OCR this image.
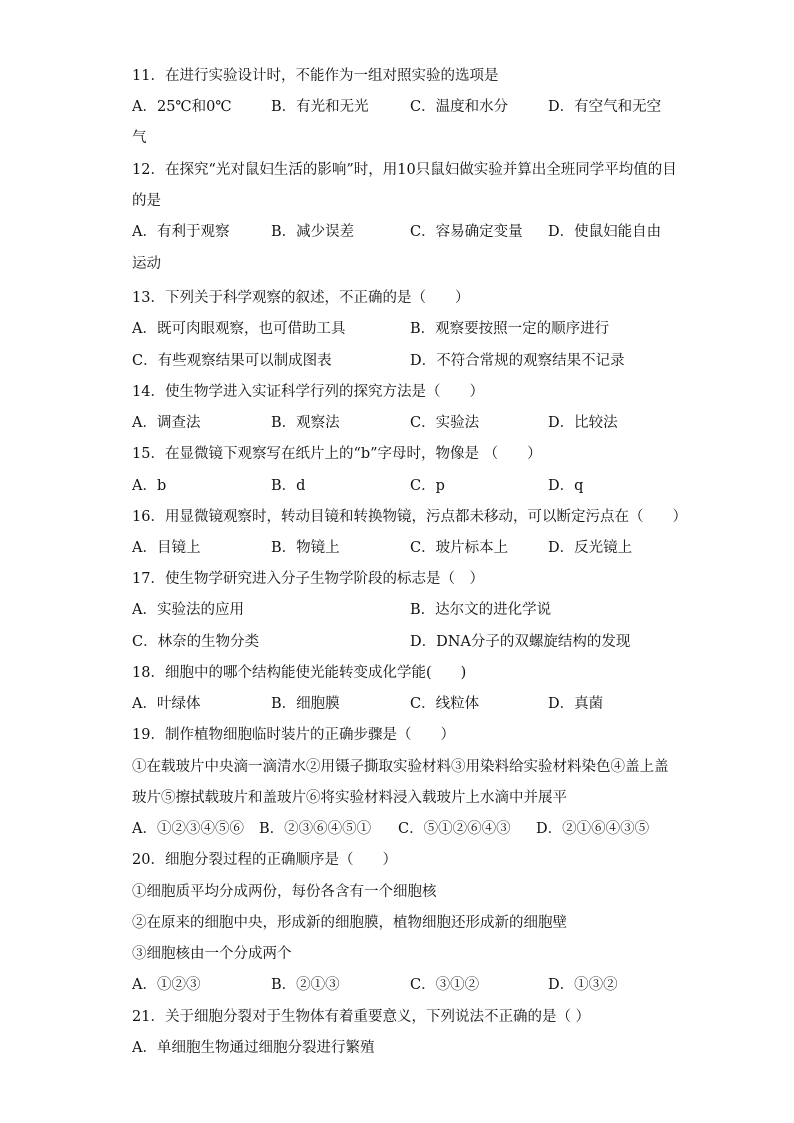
11．在进行实验设计时，不能作为一组对照实验的选项是
A．25℃和0℃	B．有光和无光	C．温度和水分	D．有空气和无空
气
12．在探究“光对鼠妇生活的影响”时，用10只鼠妇做实验并算出全班同学平均值的目
的是
A．有利于观察	B．减少误差	C．容易确定变量 D．使鼠妇能自由
运动
13．下列关于科学观察的叙述，不正确的是（　　）
A．既可肉眼观察，也可借助工具	B．观察要按照一定的顺序进行
C．有些观察结果可以制成图表	D．不符合常规的观察结果不记录
14．使生物学进入实证科学行列的探究方法是（　　）
A．调查法	B．观察法	C．实验法	D．比较法
15．在显微镜下观察写在纸片上的“b”字母时，物像是 （　　）
A．b	B．d	C．p	D．q
16．用显微镜观察时，转动目镜和转换物镜，污点都未移动，可以断定污点在（　　）
A．目镜上	B．物镜上	C．玻片标本上	D．反光镜上
17．使生物学研究进入分子生物学阶段的标志是（　）
A．实验法的应用	B．达尔文的进化学说
C．林奈的生物分类	D．DNA分子的双螺旋结构的发现
18．细胞中的哪个结构能使光能转变成化学能(　　)
A．叶绿体	B．细胞膜	C．线粒体	D．真菌
19．制作植物细胞临时装片的正确步骤是（　　）
①在载玻片中央滴一滴清水②用镊子撕取实验材料③用染料给实验材料染色④盖上盖
玻片⑤擦拭载玻片和盖玻片⑥将实验材料浸入载玻片上水滴中并展平
A．①②③④⑤⑥ B．②③⑥④⑤① C．⑤①②⑥④③ D．②①⑥④③⑤
20．细胞分裂过程的正确顺序是（　　）
①细胞质平均分成两份，每份各含有一个细胞核
②在原来的细胞中央，形成新的细胞膜，植物细胞还形成新的细胞壁
③细胞核由一个分成两个
A．①②③	B．②①③	C．③①②	D．①③②
21．关于细胞分裂对于生物体有着重要意义，下列说法不正确的是（ ）
A．单细胞生物通过细胞分裂进行繁殖
